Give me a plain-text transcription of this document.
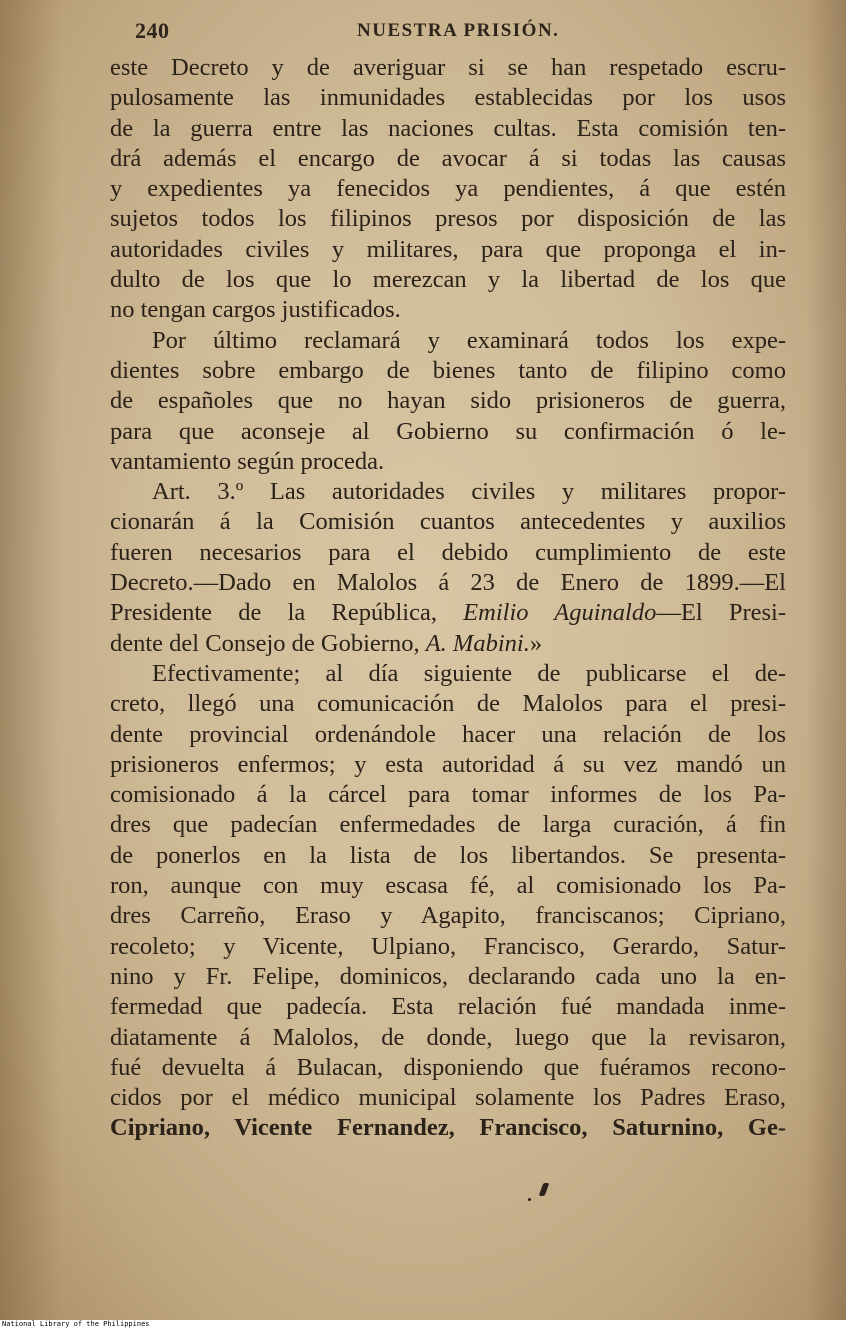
240	NUESTRA PRISIÓN.
este Decreto y de averiguar si se han respetado escru-
pulosamente las inmunidades establecidas por los usos
de la guerra entre las naciones cultas. Esta comisión ten-
drá además el encargo de avocar á si todas las causas
y expedientes ya fenecidos ya pendientes, á que estén
sujetos todos los filipinos presos por disposición de las
autoridades civiles y militares, para que proponga el in-
dulto de los que lo merezcan y la libertad de los que
no tengan cargos justificados.
Por último reclamará y examinará todos los expe-
dientes sobre embargo de bienes tanto de filipino como
de españoles que no hayan sido prisioneros de guerra,
para que aconseje al Gobierno su confirmación ó le-
vantamiento según proceda.
Art. 3.º Las autoridades civiles y militares propor-
cionarán á la Comisión cuantos antecedentes y auxilios
fueren necesarios para el debido cumplimiento de este
Decreto.—Dado en Malolos á 23 de Enero de 1899.—El
Presidente de la República, Emilio Aguinaldo—El Presi-
dente del Consejo de Gobierno, A. Mabini.»
Efectivamente; al día siguiente de publicarse el de-
creto, llegó una comunicación de Malolos para el presi-
dente provincial ordenándole hacer una relación de los
prisioneros enfermos; y esta autoridad á su vez mandó un
comisionado á la cárcel para tomar informes de los Pa-
dres que padecían enfermedades de larga curación, á fin
de ponerlos en la lista de los libertandos. Se presenta-
ron, aunque con muy escasa fé, al comisionado los Pa-
dres Carreño, Eraso y Agapito, franciscanos; Cipriano,
recoleto; y Vicente, Ulpiano, Francisco, Gerardo, Satur-
nino y Fr. Felipe, dominicos, declarando cada uno la en-
fermedad que padecía. Esta relación fué mandada inme-
diatamente á Malolos, de donde, luego que la revisaron,
fué devuelta á Bulacan, disponiendo que fuéramos recono-
cidos por el médico municipal solamente los Padres Eraso,
Cipriano, Vicente Fernandez, Francisco, Saturnino, Ge-
National Library of the Philippines
